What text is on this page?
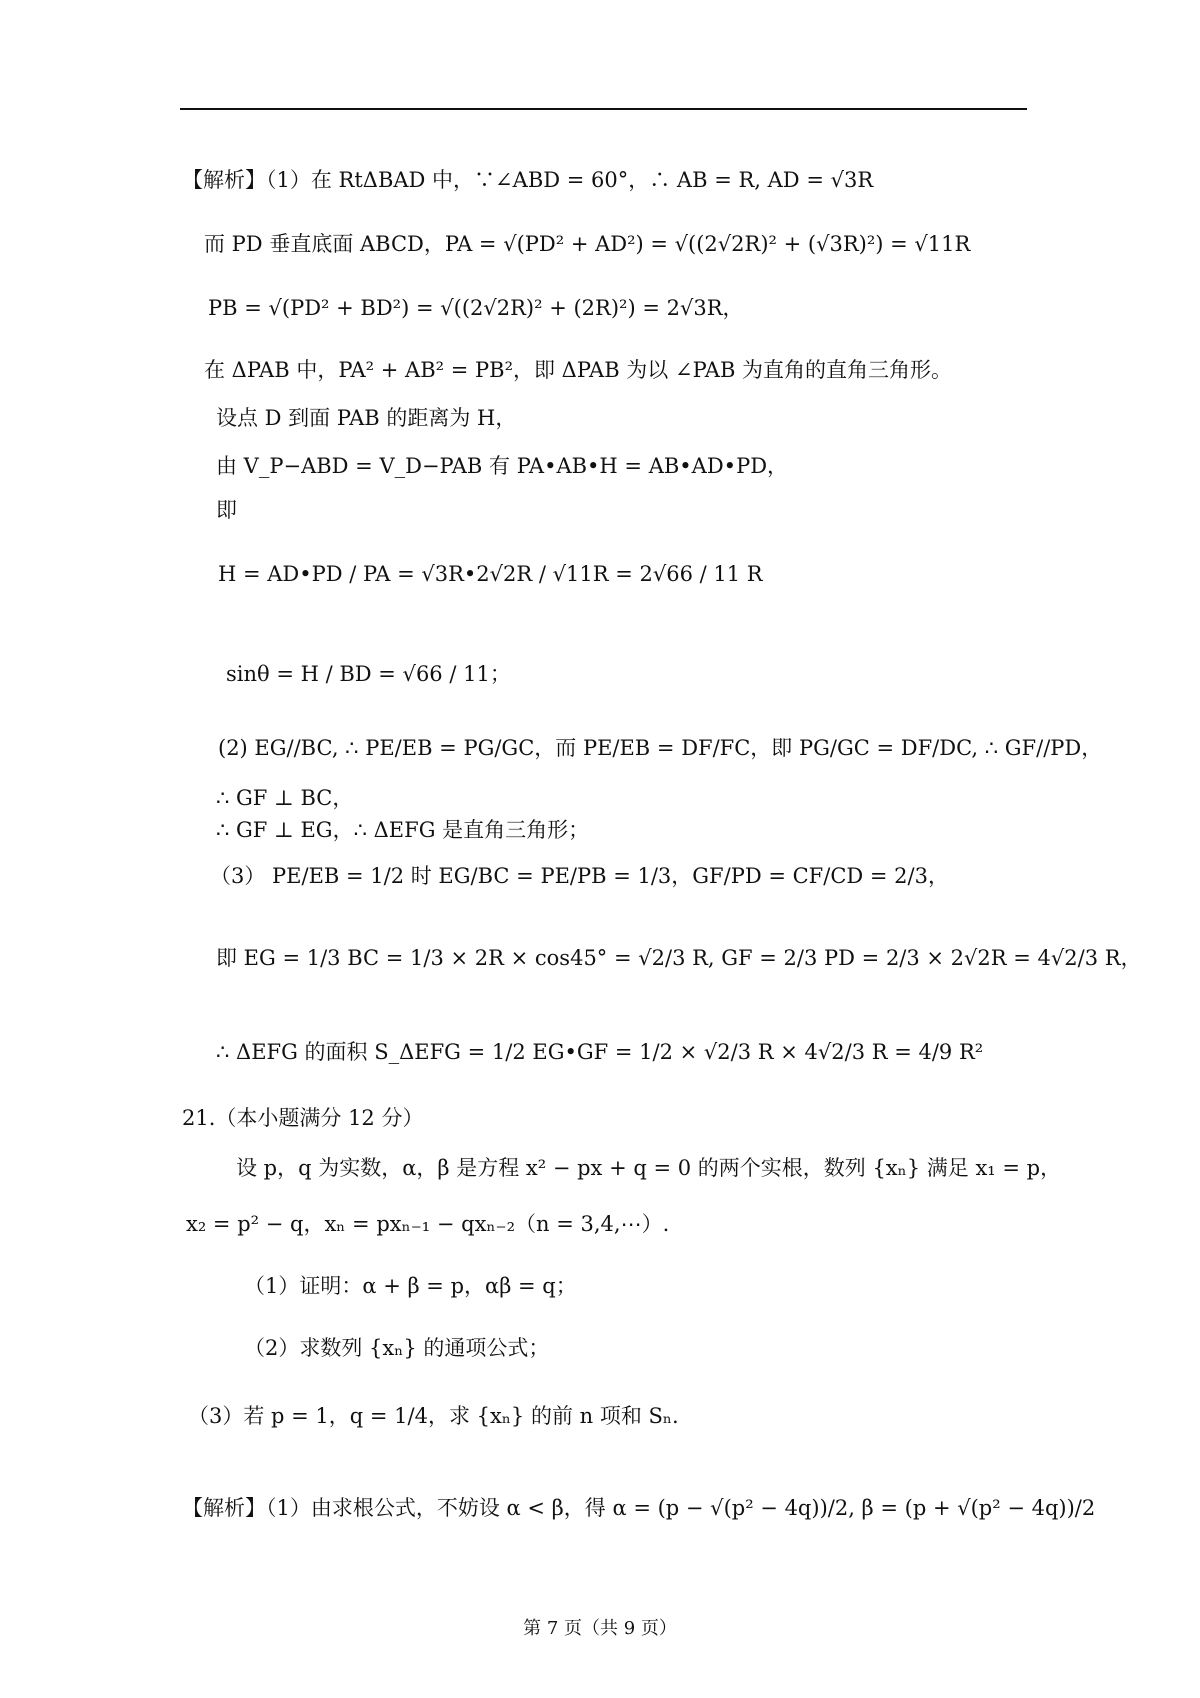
【解析】（1）在 RtΔBAD 中，∵∠ABD = 60°，∴ AB = R, AD = √3R
而 PD 垂直底面 ABCD，PA = √(PD² + AD²) = √((2√2R)² + (√3R)²) = √11R
PB = √(PD² + BD²) = √((2√2R)² + (2R)²) = 2√3R，
在 ΔPAB 中，PA² + AB² = PB²，即 ΔPAB 为以 ∠PAB 为直角的直角三角形。
设点 D 到面 PAB 的距离为 H，
由 V_P−ABD = V_D−PAB 有 PA•AB•H = AB•AD•PD，
即
H = AD•PD / PA = √3R•2√2R / √11R = 2√66 / 11 R
sinθ = H / BD = √66 / 11；
(2) EG//BC, ∴ PE/EB = PG/GC，而 PE/EB = DF/FC，即 PG/GC = DF/DC, ∴ GF//PD，
∴ GF ⊥ BC，
∴ GF ⊥ EG，∴ ΔEFG 是直角三角形；
（3） PE/EB = 1/2 时 EG/BC = PE/PB = 1/3，GF/PD = CF/CD = 2/3，
即 EG = 1/3 BC = 1/3 × 2R × cos45° = √2/3 R, GF = 2/3 PD = 2/3 × 2√2R = 4√2/3 R，
∴ ΔEFG 的面积 S_ΔEFG = 1/2 EG•GF = 1/2 × √2/3 R × 4√2/3 R = 4/9 R²
21.（本小题满分 12 分）
设 p，q 为实数，α，β 是方程 x² − px + q = 0 的两个实根，数列 {xₙ} 满足 x₁ = p，
x₂ = p² − q，xₙ = pxₙ₋₁ − qxₙ₋₂（n = 3,4,⋯）.
（1）证明：α + β = p，αβ = q；
（2）求数列 {xₙ} 的通项公式；
（3）若 p = 1，q = 1/4，求 {xₙ} 的前 n 项和 Sₙ.
【解析】（1）由求根公式，不妨设 α < β，得 α = (p − √(p² − 4q))/2, β = (p + √(p² − 4q))/2
第 7 页（共 9 页）
